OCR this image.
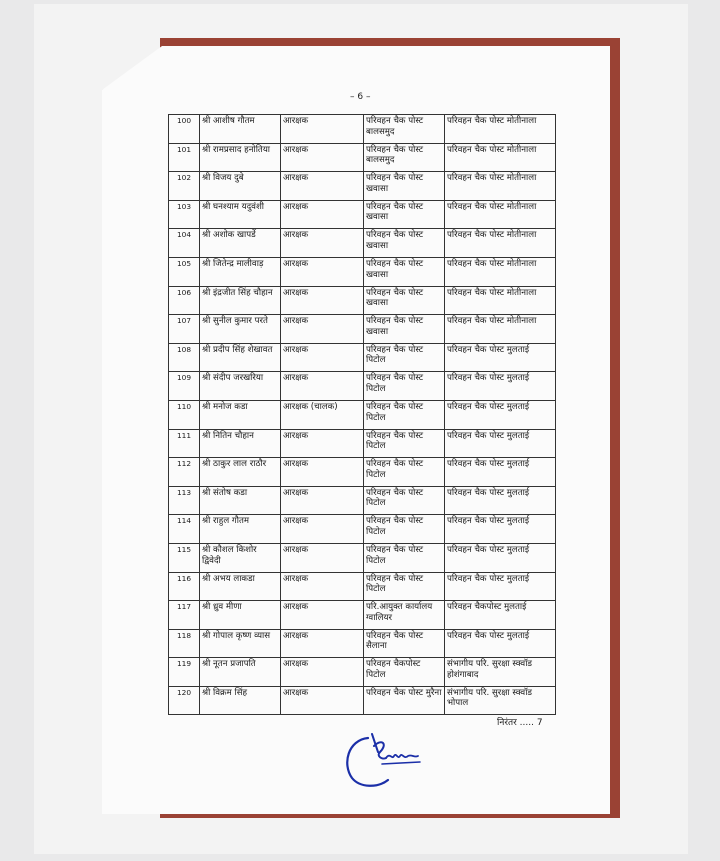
– 6 –
100	श्री आशीष गौतम	आरक्षक	परिवहन चैक पोस्ट बालसमुद	परिवहन चैक पोस्ट मोतीनाला
101	श्री रामप्रसाद हनोतिया	आरक्षक	परिवहन चैक पोस्ट बालसमुद	परिवहन चैक पोस्ट मोतीनाला
102	श्री विजय दुबे	आरक्षक	परिवहन चैक पोस्ट खवासा	परिवहन चैक पोस्ट मोतीनाला
103	श्री घनश्याम यदुवंशी	आरक्षक	परिवहन चैक पोस्ट खवासा	परिवहन चैक पोस्ट मोतीनाला
104	श्री अशोक खापर्डे	आरक्षक	परिवहन चैक पोस्ट खवासा	परिवहन चैक पोस्ट मोतीनाला
105	श्री जितेन्द्र मालीवाड़	आरक्षक	परिवहन चैक पोस्ट खवासा	परिवहन चैक पोस्ट मोतीनाला
106	श्री इंद्रजीत सिंह चौहान	आरक्षक	परिवहन चैक पोस्ट खवासा	परिवहन चैक पोस्ट मोतीनाला
107	श्री सुनील कुमार परते	आरक्षक	परिवहन चैक पोस्ट खवासा	परिवहन चैक पोस्ट मोतीनाला
108	श्री प्रदीप सिंह शेखावत	आरक्षक	परिवहन चैक पोस्ट पिटोल	परिवहन चैक पोस्ट मुलताई
109	श्री संदीप जरखरिया	आरक्षक	परिवहन चैक पोस्ट पिटोल	परिवहन चैक पोस्ट मुलताई
110	श्री मनोज कडा	आरक्षक (चालक)	परिवहन चैक पोस्ट पिटोल	परिवहन चैक पोस्ट मुलताई
111	श्री नितिन चौहान	आरक्षक	परिवहन चैक पोस्ट पिटोल	परिवहन चैक पोस्ट मुलताई
112	श्री ठाकुर लाल राठौर	आरक्षक	परिवहन चैक पोस्ट पिटोल	परिवहन चैक पोस्ट मुलताई
113	श्री संतोष कडा	आरक्षक	परिवहन चैक पोस्ट पिटोल	परिवहन चैक पोस्ट मुलताई
114	श्री राहुल गौतम	आरक्षक	परिवहन चैक पोस्ट पिटोल	परिवहन चैक पोस्ट मुलताई
115	श्री कौशल किशोर द्विवेदी	आरक्षक	परिवहन चैक पोस्ट पिटोल	परिवहन चैक पोस्ट मुलताई
116	श्री अभय लाकडा	आरक्षक	परिवहन चैक पोस्ट पिटोल	परिवहन चैक पोस्ट मुलताई
117	श्री ध्रुव मीणा	आरक्षक	परि.आयुक्त कार्यालय ग्वालियर	परिवहन चैकपोस्ट मुलताई
118	श्री गोपाल कृष्ण व्यास	आरक्षक	परिवहन चैक पोस्ट सैलाना	परिवहन चैक पोस्ट मुलताई
119	श्री नूतन प्रजापति	आरक्षक	परिवहन चैकपोस्ट पिटोल	संभागीय परि. सुरक्षा स्क्वॉड होशंगाबाद
120	श्री विक्रम सिंह	आरक्षक	परिवहन चैक पोस्ट मुरैना	संभागीय परि. सुरक्षा स्क्वॉड भोपाल
निरंतर ..... 7
